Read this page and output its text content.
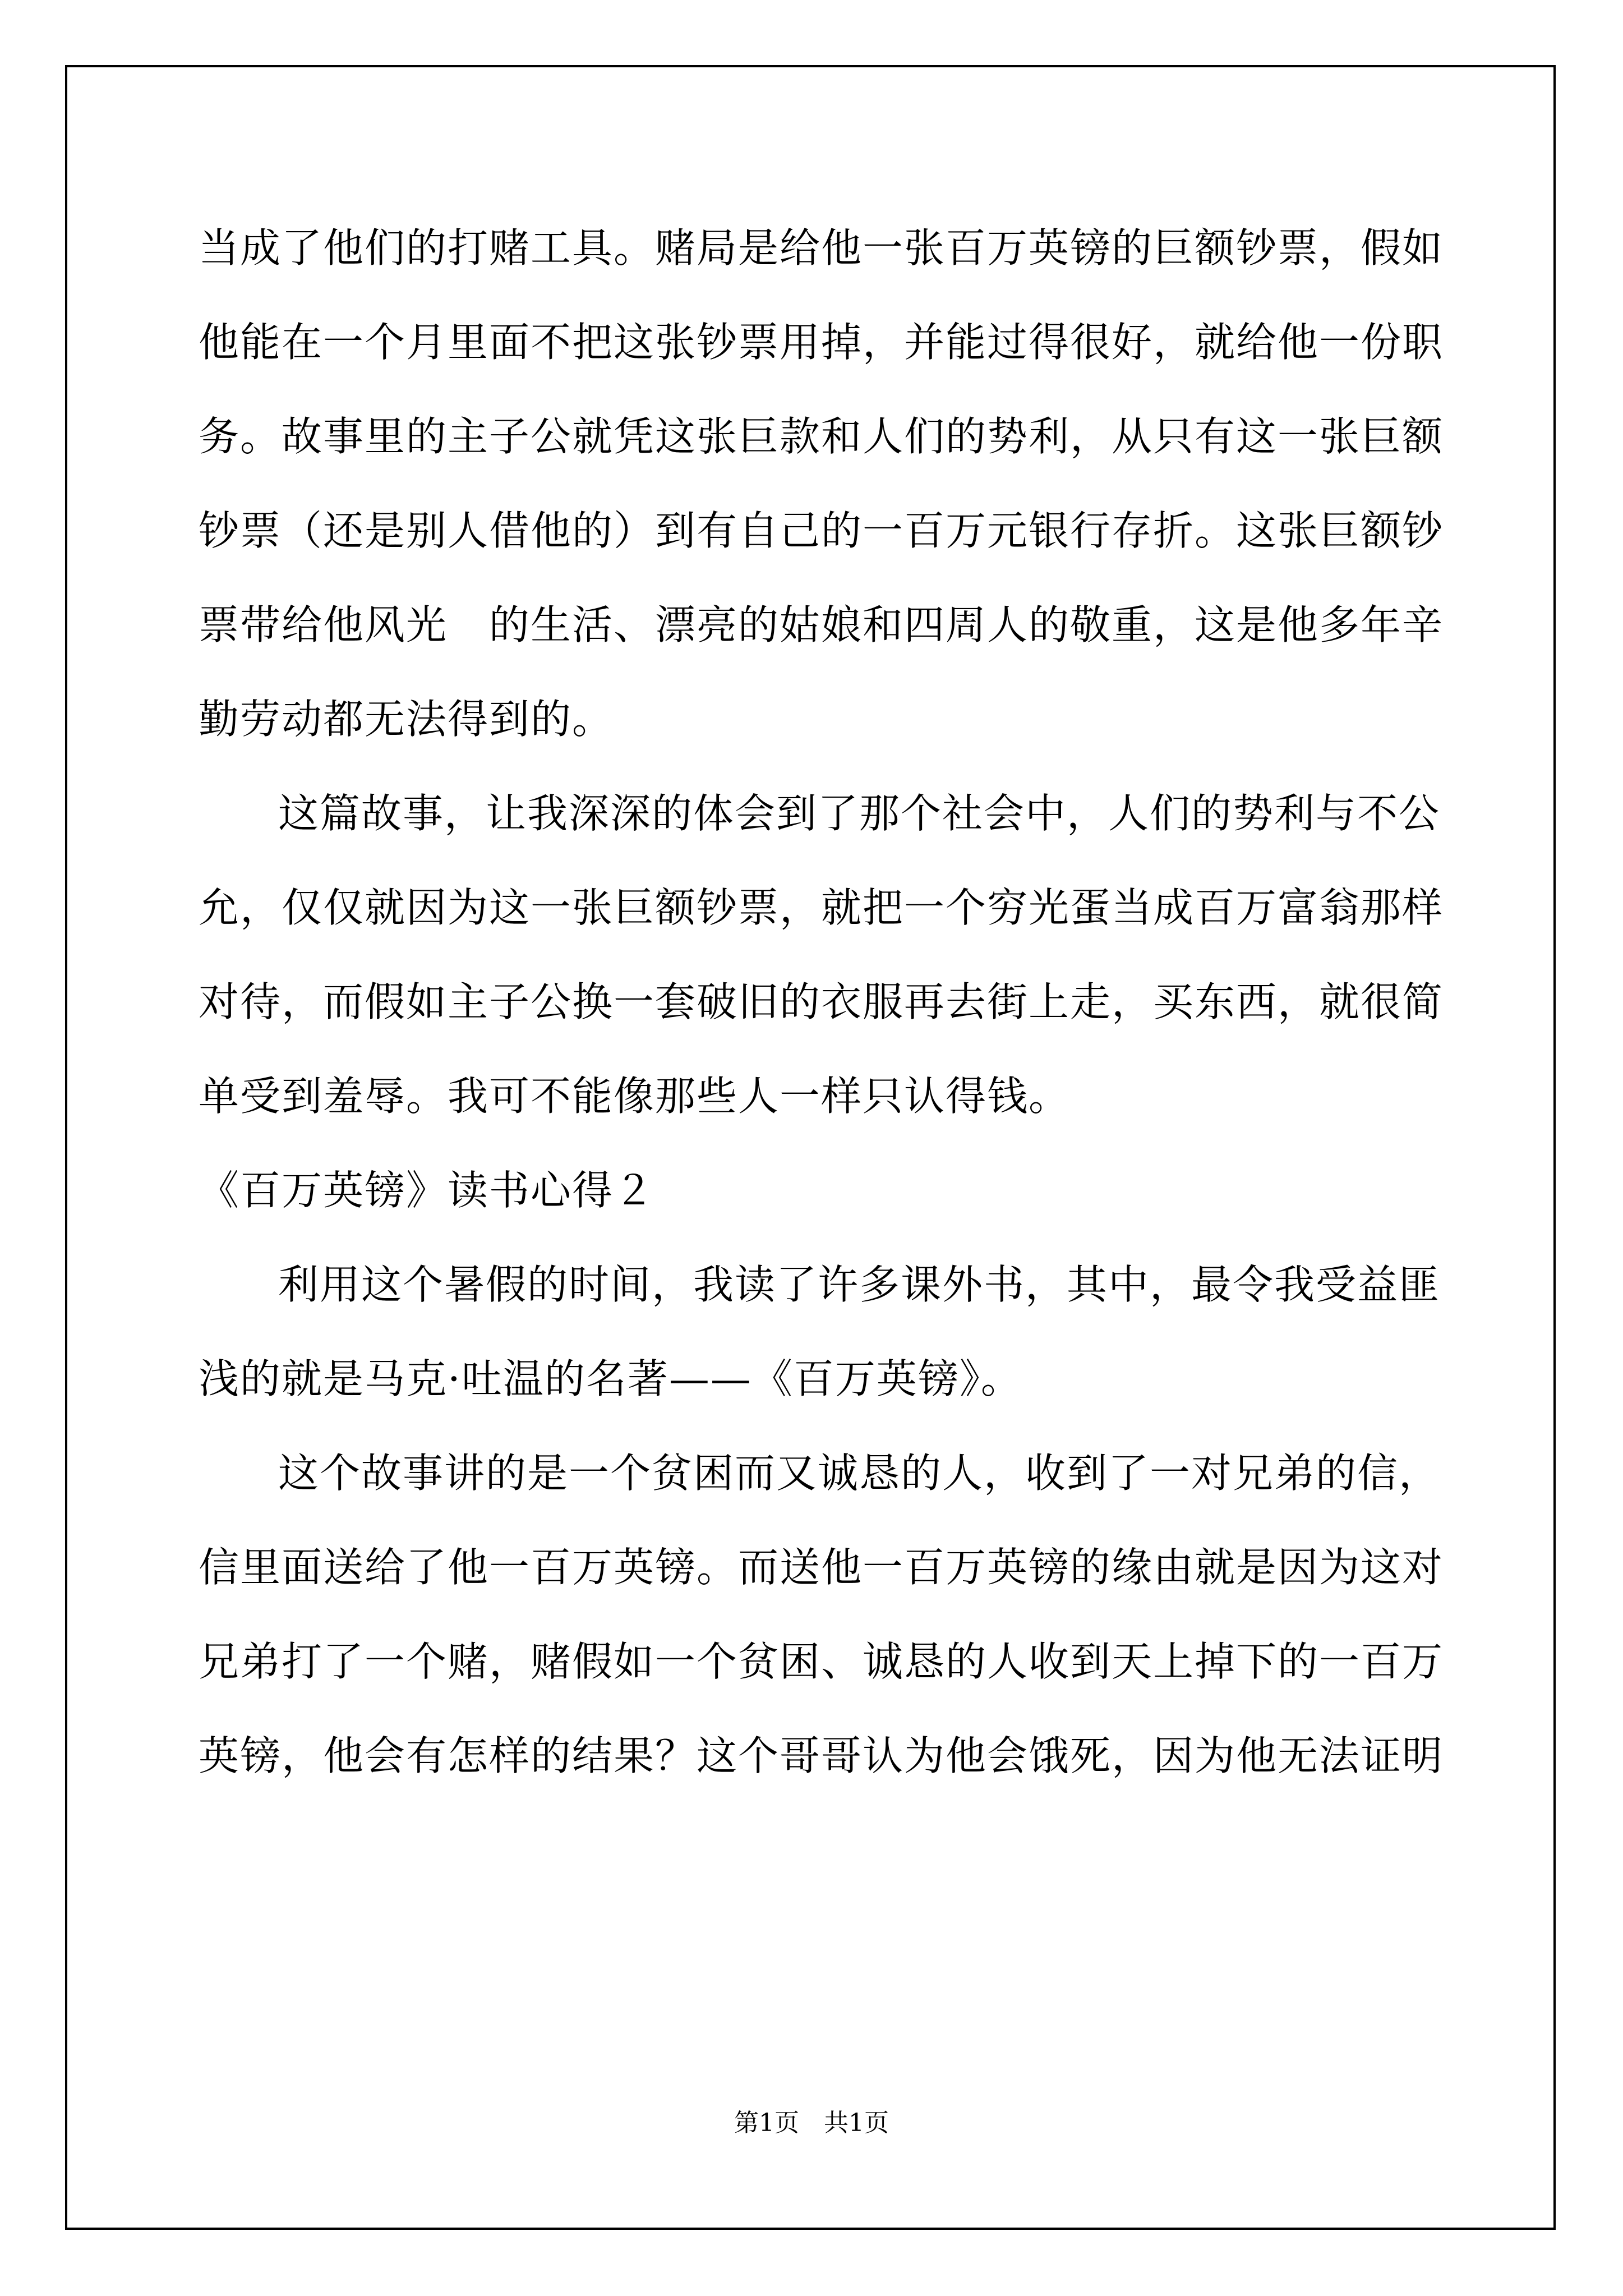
当成了他们的打赌工具。赌局是给他一张百万英镑的巨额钞票，假如
他能在一个月里面不把这张钞票用掉，并能过得很好，就给他一份职
务。故事里的主子公就凭这张巨款和人们的势利，从只有这一张巨额
钞票（还是别人借他的）到有自己的一百万元银行存折。这张巨额钞
票带给他风光　的生活、漂亮的姑娘和四周人的敬重，这是他多年辛
勤劳动都无法得到的。
这篇故事，让我深深的体会到了那个社会中，人们的势利与不公
允，仅仅就因为这一张巨额钞票，就把一个穷光蛋当成百万富翁那样
对待，而假如主子公换一套破旧的衣服再去街上走，买东西，就很简
单受到羞辱。我可不能像那些人一样只认得钱。
《百万英镑》读书心得２
利用这个暑假的时间，我读了许多课外书，其中，最令我受益匪
浅的就是马克·吐温的名著——《百万英镑》。
这个故事讲的是一个贫困而又诚恳的人，收到了一对兄弟的信，
信里面送给了他一百万英镑。而送他一百万英镑的缘由就是因为这对
兄弟打了一个赌，赌假如一个贫困、诚恳的人收到天上掉下的一百万
英镑，他会有怎样的结果？这个哥哥认为他会饿死，因为他无法证明
第1页　共1页
